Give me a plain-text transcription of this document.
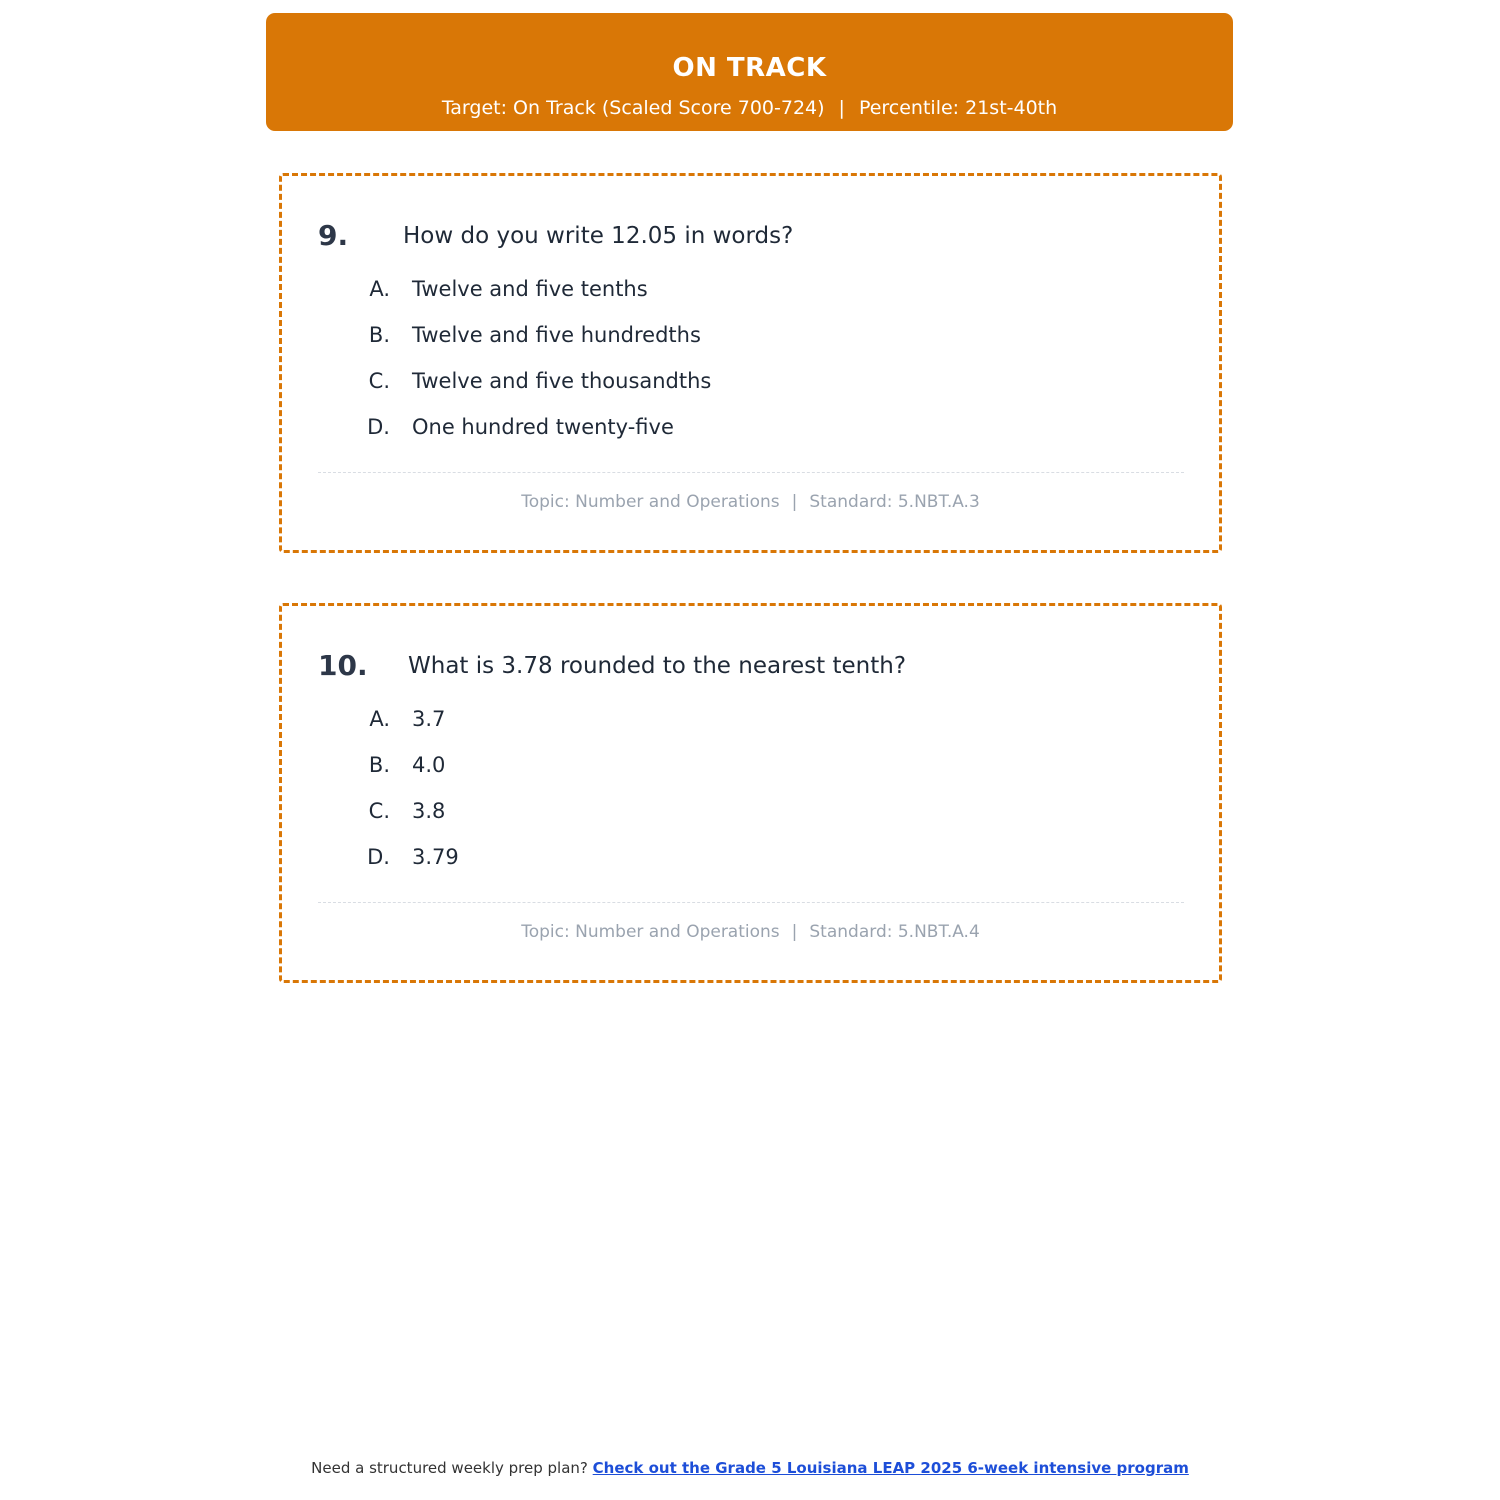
ON TRACK
Target: On Track (Scaled Score 700-724) | Percentile: 21st-40th
9. How do you write 12.05 in words?
A. Twelve and five tenths
B. Twelve and five hundredths
C. Twelve and five thousandths
D. One hundred twenty-five
Topic: Number and Operations | Standard: 5.NBT.A.3
10. What is 3.78 rounded to the nearest tenth?
A. 3.7
B. 4.0
C. 3.8
D. 3.79
Topic: Number and Operations | Standard: 5.NBT.A.4
Need a structured weekly prep plan? Check out the Grade 5 Louisiana LEAP 2025 6-week intensive program
